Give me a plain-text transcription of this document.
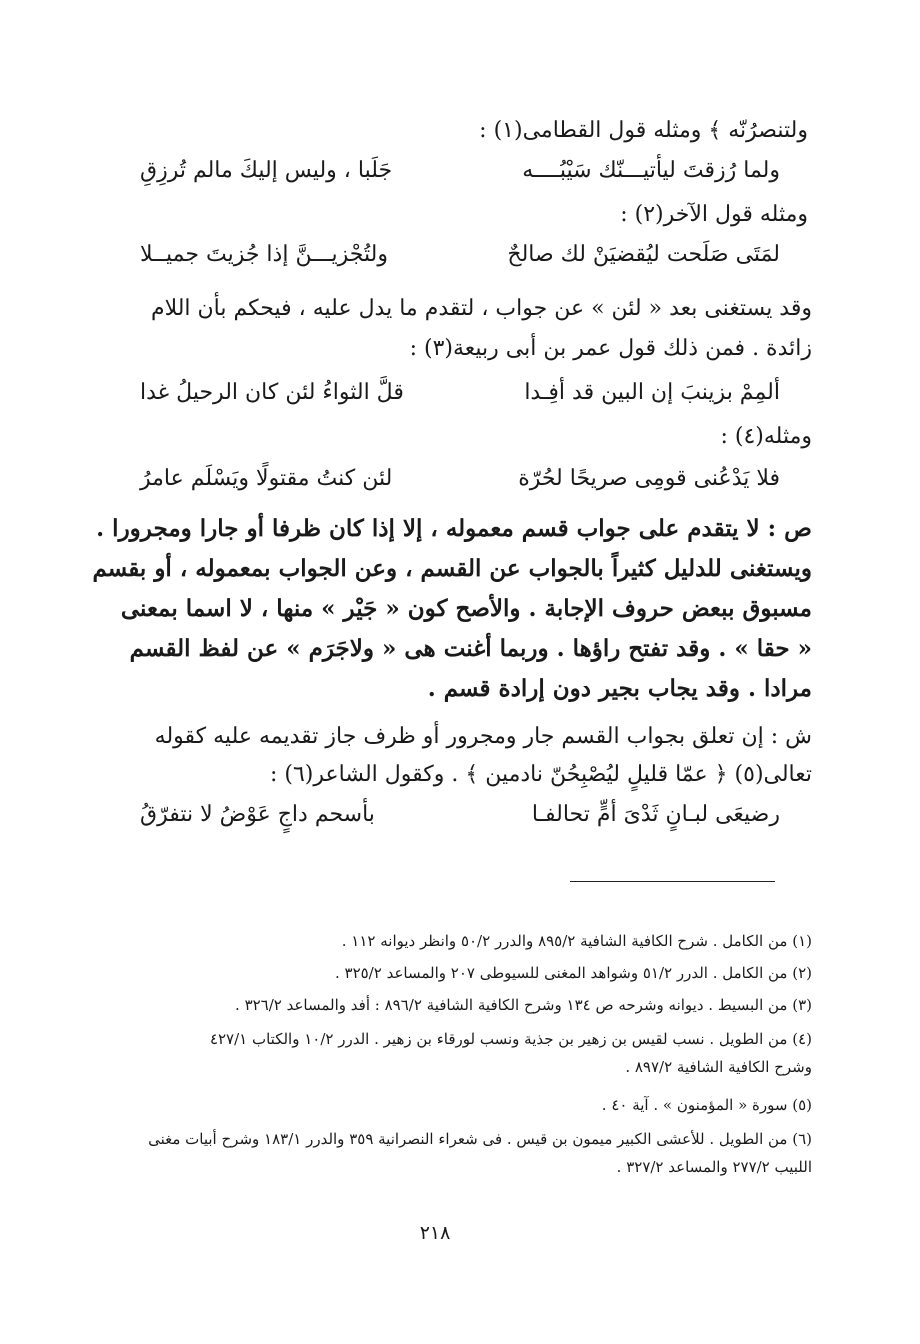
ولتنصرُنّه ﴾ ومثله قول القطامى(١) :
ولما رُزقتَ ليأتيـــنّك سَيْبُــــه
جَلَبا ، وليس إليكَ مالم تُرزِقِ
ومثله قول الآخر(٢) :
لمَتَى صَلَحت ليُقضيَنْ لك صالحٌ
ولتُجْزيـــنَّ إذا جُزيتَ جميــلا
وقد يستغنى بعد « لئن » عن جواب ، لتقدم ما يدل عليه ، فيحكم بأن اللام
زائدة . فمن ذلك قول عمر بن أبى ربيعة(٣) :
ألمِمْ بزينبَ إن البين قد أفِـدا
قلَّ الثواءُ لئن كان الرحيلُ غدا
ومثله(٤) :
فلا يَدْعُنى قومِى صريحًا لحُرّة
لئن كنتُ مقتولًا ويَسْلَم عامرُ
ص : لا يتقدم على جواب قسم معموله ، إلا إذا كان ظرفا أو جارا ومجرورا .
ويستغنى للدليل كثيراً بالجواب عن القسم ، وعن الجواب بمعموله ، أو بقسم
مسبوق ببعض حروف الإجابة . والأصح كون « جَيْر » منها ، لا اسما بمعنى
« حقا » . وقد تفتح راؤها . وربما أغنت هى « ولاجَرَم » عن لفظ القسم
مرادا . وقد يجاب بجير دون إرادة قسم .
ش : إن تعلق بجواب القسم جار ومجرور أو ظرف جاز تقديمه عليه كقوله
تعالى(٥) ﴿ عمّا قليلٍ ليُصْبِحُنّ نادمين ﴾ . وكقول الشاعر(٦) :
رضيعَى لبـانٍ ثَدْىَ أمٍّ تحالفـا
بأسحم داجٍ عَوْضُ لا نتفرّقُ
(١) من الكامل . شرح الكافية الشافية ٨٩٥/٢ والدرر ٥٠/٢ وانظر ديوانه ١١٢ .
(٢) من الكامل . الدرر ٥١/٢ وشواهد المغنى للسيوطى ٢٠٧ والمساعد ٣٢٥/٢ .
(٣) من البسيط . ديوانه وشرحه ص ١٣٤ وشرح الكافية الشافية ٨٩٦/٢ : أفد والمساعد ٣٢٦/٢ .
(٤) من الطويل . نسب لقيس بن زهير بن جذية ونسب لورقاء بن زهير . الدرر ١٠/٢ والكتاب ٤٢٧/١
وشرح الكافية الشافية ٨٩٧/٢ .
(٥) سورة « المؤمنون » . آية ٤٠ .
(٦) من الطويل . للأعشى الكبير ميمون بن قيس . فى شعراء النصرانية ٣٥٩ والدرر ١٨٣/١ وشرح أبيات مغنى
اللبيب ٢٧٧/٢ والمساعد ٣٢٧/٢ .
٢١٨
